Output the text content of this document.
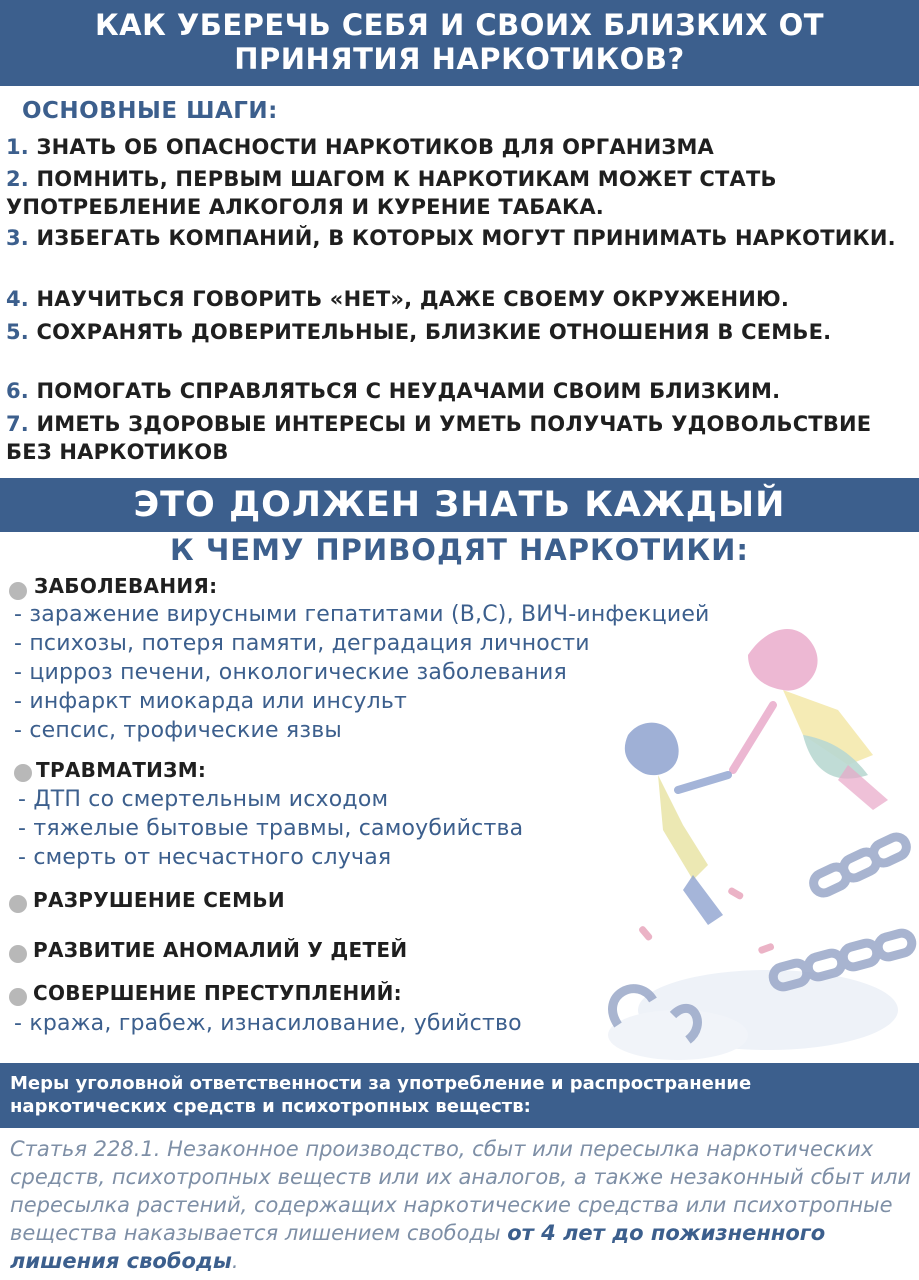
КАК УБЕРЕЧЬ СЕБЯ И СВОИХ БЛИЗКИХ ОТ
ПРИНЯТИЯ НАРКОТИКОВ?
ОСНОВНЫЕ ШАГИ:
1. ЗНАТЬ ОБ ОПАСНОСТИ НАРКОТИКОВ ДЛЯ ОРГАНИЗМА
2. ПОМНИТЬ, ПЕРВЫМ ШАГОМ К НАРКОТИКАМ МОЖЕТ СТАТЬ УПОТРЕБЛЕНИЕ АЛКОГОЛЯ И КУРЕНИЕ ТАБАКА.
3. ИЗБЕГАТЬ КОМПАНИЙ, В КОТОРЫХ МОГУТ ПРИНИМАТЬ НАРКОТИКИ.
4. НАУЧИТЬСЯ ГОВОРИТЬ «НЕТ», ДАЖЕ СВОЕМУ ОКРУЖЕНИЮ.
5. СОХРАНЯТЬ ДОВЕРИТЕЛЬНЫЕ, БЛИЗКИЕ ОТНОШЕНИЯ В СЕМЬЕ.
6. ПОМОГАТЬ СПРАВЛЯТЬСЯ С НЕУДАЧАМИ СВОИМ БЛИЗКИМ.
7. ИМЕТЬ ЗДОРОВЫЕ ИНТЕРЕСЫ И УМЕТЬ ПОЛУЧАТЬ УДОВОЛЬСТВИЕ БЕЗ НАРКОТИКОВ
ЭТО ДОЛЖЕН ЗНАТЬ КАЖДЫЙ
К ЧЕМУ ПРИВОДЯТ НАРКОТИКИ:
ЗАБОЛЕВАНИЯ:
- заражение вирусными гепатитами (В,С), ВИЧ-инфекцией
- психозы, потеря памяти, деградация личности
- цирроз печени, онкологические заболевания
- инфаркт миокарда или инсульт
- сепсис, трофические язвы
ТРАВМАТИЗМ:
- ДТП со смертельным исходом
- тяжелые бытовые травмы, самоубийства
- смерть от несчастного случая
РАЗРУШЕНИЕ СЕМЬИ
РАЗВИТИЕ АНОМАЛИЙ У ДЕТЕЙ
СОВЕРШЕНИЕ ПРЕСТУПЛЕНИЙ:
- кража, грабеж, изнасилование, убийство
Меры уголовной ответственности за употребление и распространение наркотических средств и психотропных веществ:
Статья 228.1. Незаконное производство, сбыт или пересылка наркотических средств, психотропных веществ или их аналогов, а также незаконный сбыт или пересылка растений, содержащих наркотические средства или психотропные вещества наказывается лишением свободы от 4 лет до пожизненного лишения свободы.
